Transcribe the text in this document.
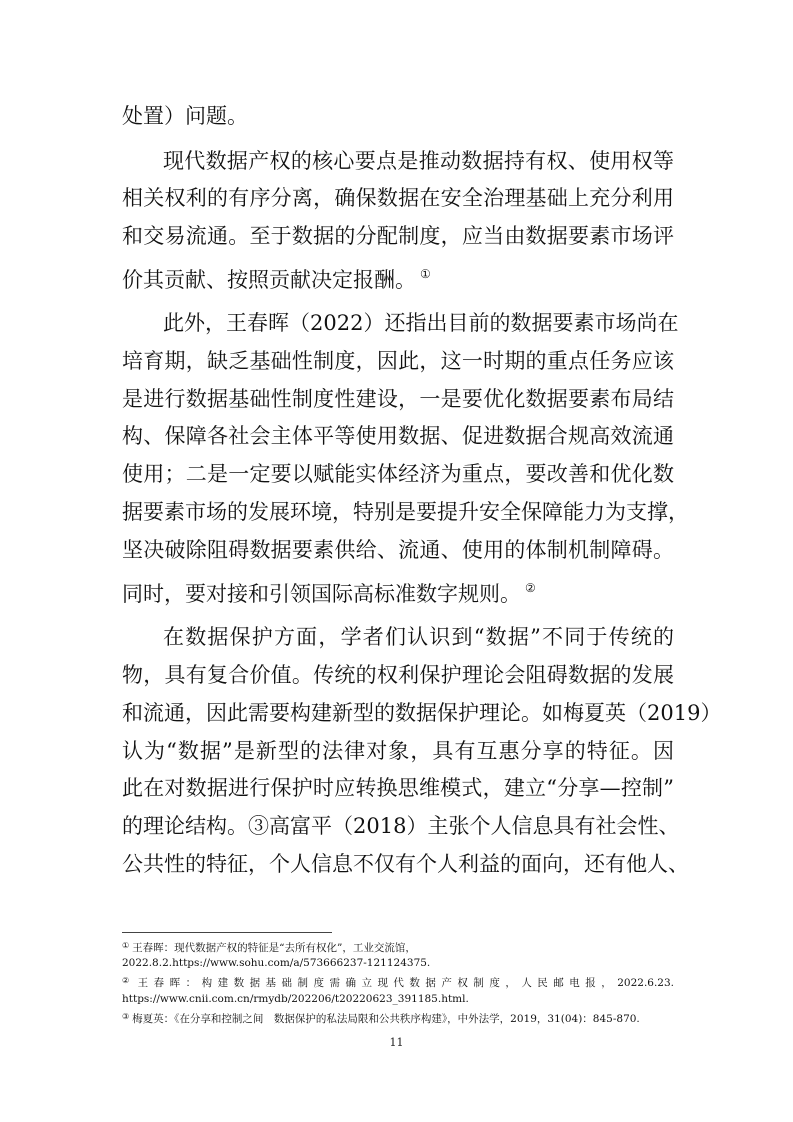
处置）问题。
现代数据产权的核心要点是推动数据持有权、使用权等
相关权利的有序分离，确保数据在安全治理基础上充分利用
和交易流通。至于数据的分配制度，应当由数据要素市场评
价其贡献、按照贡献决定报酬。 ①
此外，王春晖（2022）还指出目前的数据要素市场尚在
培育期，缺乏基础性制度，因此，这一时期的重点任务应该
是进行数据基础性制度性建设，一是要优化数据要素布局结
构、保障各社会主体平等使用数据、促进数据合规高效流通
使用；二是一定要以赋能实体经济为重点，要改善和优化数
据要素市场的发展环境，特别是要提升安全保障能力为支撑，
坚决破除阻碍数据要素供给、流通、使用的体制机制障碍。
同时，要对接和引领国际高标准数字规则。 ②
在数据保护方面，学者们认识到“数据”不同于传统的
物，具有复合价值。传统的权利保护理论会阻碍数据的发展
和流通，因此需要构建新型的数据保护理论。如梅夏英（2019）
认为“数据”是新型的法律对象，具有互惠分享的特征。因
此在对数据进行保护时应转换思维模式，建立“分享—控制”
的理论结构。③高富平（2018）主张个人信息具有社会性、
公共性的特征，个人信息不仅有个人利益的面向，还有他人、
① 王春晖：现代数据产权的特征是“去所有权化”，工业交流馆，
2022.8.2.https://www.sohu.com/a/573666237-121124375.
② 王春晖：构建数据基础制度需确立现代数据产权制度，人民邮电报，2022.6.23.
https://www.cnii.com.cn/rmydb/202206/t20220623_391185.html.
③ 梅夏英：《在分享和控制之间　数据保护的私法局限和公共秩序构建》，中外法学，2019，31(04)：845-870.
11
